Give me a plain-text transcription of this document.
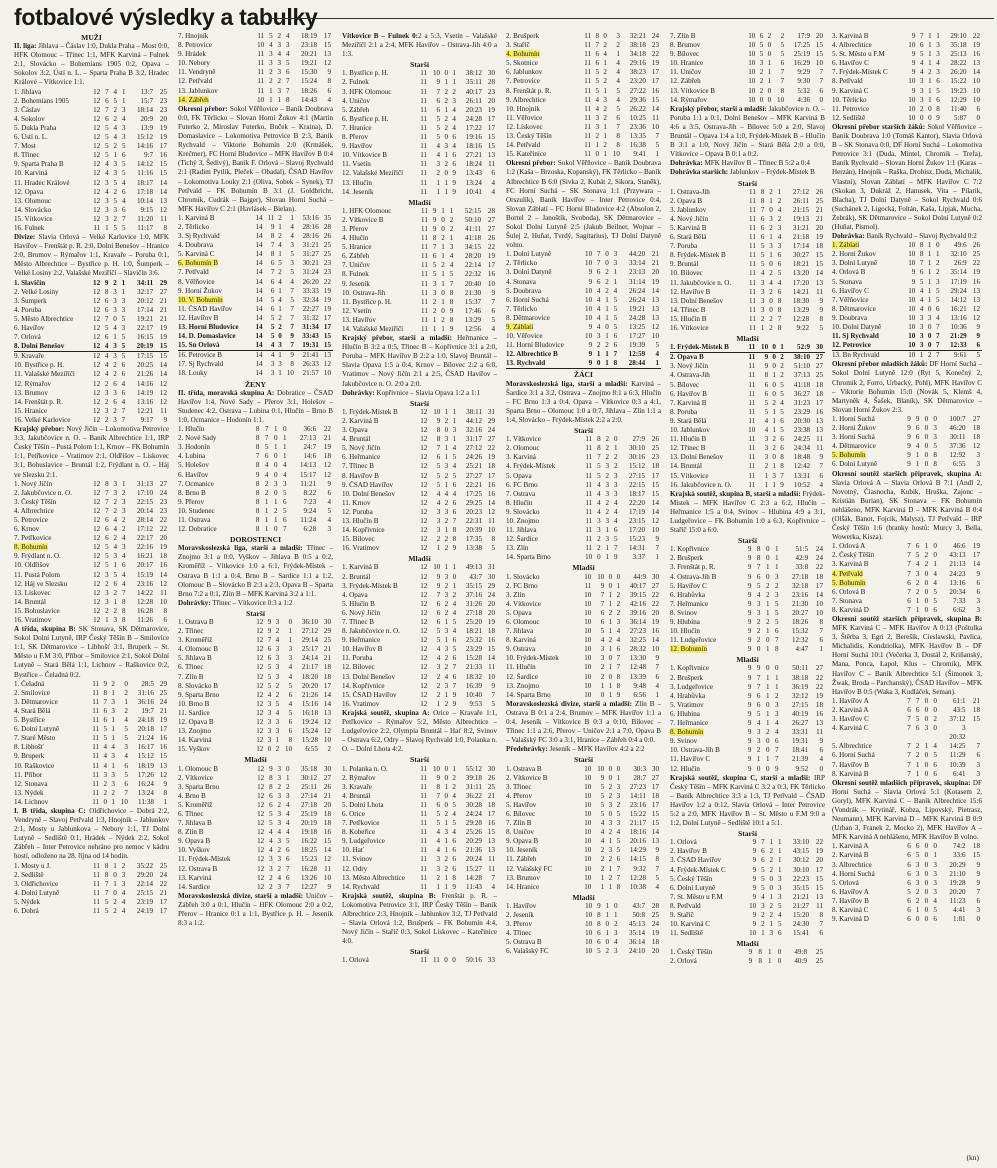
fotbalové výsledky a tabulky
MUŽI

II. liga: Jihlava – Čáslav 1:0, Dukla Praha – Most 0:0, HFK Olomouc – Třinec 1:1, MFK Karviná – Fulnek 2:1, Slovácko – Bohemians 1905 0:2, Opava – Sokolov 3:2, Ústí n. L. – Sparta Praha B 3:2, Hradec Králové – Vítkovice 1:1.

1. Jihlava	12	7	4	1	13:7	25
2. Bohemians 1905	12	6	5	1	15:7	23
3. Čáslav	12	7	2	3	18:14	23
4. Sokolov	12	6	2	4	20:9	20
5. Dukla Praha	12	5	4	3	13:9	19
6. Ústí n. L.	12	5	4	3	15:12	19
7. Most	12	5	2	5	14:16	17
8. Třinec	12	5	1	6	9:7	16
9. Sparta Praha B	12	4	3	5	14:12	15
10. Karviná	12	4	3	5	11:16	15
11. Hradec Králové	12	3	5	4	18:17	14
12. Opava	12	4	2	6	17:18	14
13. Olomouc	12	3	5	4	10:14	13
14. Slovácko	12	3	3	6	9:15	12
15. Vítkovice	12	3	2	7	11:20	11
16. Fulnek	11	1	5	5	11:17	8

Divize: Slavia Orlová – Velké Karlovice 1:0, MFK Havířov – Frenštát p. R. 2:0, Dolní Benešov – Hranice 2:0, Brumov – Rýmařov 1:1, Kravaře – Poruba 0:1, Město Albrechtice – Bystřice p. H. 1:0, Šumperk – Velké Losiny 2:2, Valašské Meziříčí – Slavičín 3:6.

1. Slavičín	12	9	2	1	34:11	29
2. Velké Losiny	12	8	3	1	32:17	27
3. Šumperk	12	6	3	3	20:12	21
4. Poruba	12	6	3	3	17:14	21
5. Město Albrechtice	12	7	0	5	19:21	21
6. Havířov	12	5	4	3	22:17	19
7. Orlová	12	6	1	5	16:15	19
8. Dolní Benešov	12	4	3	5	20:19	15
9. Kravaře	12	4	3	5	17:15	15
10. Bystřice p. H.	12	4	2	6	20:25	14
11. Valašské Meziříčí	12	4	2	6	21:26	14
12. Rýmařov	12	2	6	4	14:16	12
13. Brumov	12	3	3	6	14:19	12
14. Frenštát p. R.	12	2	6	4	13:16	12
15. Hranice	12	3	2	7	12:21	11
16. Velké Karlovice	12	2	3	7	9:17	9

Krajský přebor: Nový Jičín – Lokomotiva Petrovice 3:3, Jakubčovice n. O. – Baník Albrechtice 1:1, IRP Český Těšín – Pustá Polom 1:1, Krnov – FK Bohumín 1:1, Petřkovice – Vratimov 2:1, Oldřišov – Liskovec 3:1, Bohuslavice – Bruntál 1:2, Frýdlant n. O. – Háj ve Slezsku 2:1.

1. Nový Jičín	12	8	3	1	31:13	27
2. Jakubčovice n. O.	12	7	3	2	17:10	24
3. Český Těšín	12	7	2	3	22:15	23
4. Albrechtice	12	7	2	3	20:14	23
5. Petrovice	12	6	4	2	28:14	22
6. Krnov	12	6	4	2	17:12	22
7. Petřkovice	12	6	2	4	22:17	20
8. Bohumín	12	5	4	3	22:16	19
9. Frýdlant n. O.	12	5	3	4	16:21	18
10. Oldřišov	12	5	1	6	20:17	16
11. Pustá Polom	12	3	5	4	15:19	14
12. Háj ve Slezsku	12	2	6	4	23:16	12
13. Liskovec	12	3	2	7	14:22	11
14. Bruntál	12	3	1	8	12:28	10
15. Bohuslavice	12	2	2	8	16:28	8
16. Vratimov	12	1	3	8	11:26	6

A třída, skupina B: SK Stonava, SK Dětmarovice, Sokol Dolní Lutyně, IRP Český Těšín B – Smilovice 1:1, SK Dětmarovice – Libhošť 3:1, Bruperk – St. Město u F.M 3:0, Příbor – Smilovice 2:1, Sokol Dolní Lutyně – Stará Bělá 1:1, Lichnov – Raškovice 0:2, Bystřice – Čeladná 0:2.

1. Čeladná	11	9	2	0	28:5	29
2. Smilovice	11	8	1	2	31:16	25
3. Dětmarovice	11	7	3	1	36:16	24
4. Stará Bělá	11	6	3	2	19:7	21
5. Bystřice	11	6	1	4	24:18	19
6. Dolní Lutyně	11	5	1	5	20:18	17
7. Staré Město	11	5	1	5	21:24	16
8. Libhošť	11	4	4	3	16:17	16
9. Bruperk	11	4	3	4	15:12	15
10. Raškovice	11	4	1	6	18:19	13
11. Příbor	11	3	3	5	17:26	12
12. Stonava	11	2	3	6	16:24	9
13. Nýdek	11	2	2	7	13:24	8
14. Lichnov	11	0	1	10	11:38	1

I. B třída, skupina C: Oldřichovice – Dobrá 2:2, Vendryně – Slavoj Petřvald 1:3, Hnojník – Jablunkov 2:1, Mosty u Jablunkova – Nebory 1:1, TJ Dolní Lutyně – Sedliště 0:1, Hrádek – Nýdek 2:2, Sokol Zábřeh – Inter Petrovice nehráno pro nemoc v kádru hostí, odloženo na 28. října od 14 hodin.

1. Mosty u J.	11	8	1	2	35:22	25
2. Sedliště	11	8	0	3	29:20	24
3. Oldřichovice	11	7	1	3	22:14	22
4. Dolní Lutyně	11	7	0	4	25:15	21
5. Nýdek	11	5	2	4	23:19	17
6. Dobrá	11	5	2	4	24:19	17
7. Hnojník	11	5	2	4	18:19	17
8. Petrovice	10	4	3	3	23:18	15
9. Hrádek	11	3	4	4	20:21	13
10. Nebory	11	3	3	5	19:21	12
11. Vendryně	11	2	3	6	15:30	9
12. Petřvald	11	2	2	7	15:24	8
13. Jablunkov	11	1	3	7	18:26	6
14. Zábřeh	10	1	1	8	14:43	4

Okresní přebor: Sokol Věřňovice – Baník Doubrava 0:0, FK Těrlicko – Slovan Horní Žukov 4:1 (Martin Futerko 2, Miroslav Futerko, Buček – Kraina), D. Domaslavice – Lokomotiva Petrovice B 2:3, Baník Rychvald – Viktorie Bohumín 2:0 (Krmášek, Krečmer), FC Horní Bludovice – MFK Havířov B 0:4 (Tichý 3, Šedivý), Baník F. Orlová – Slavoj Rychvald 2:1 (Radim Pytlík, Pleček – Obadal), ČSAD Havířov – Lokomotiva Louky 2:1 (Oliva, Sobek – Synek), TJ Petřvald – FK Bohumín B 3:1 (J. Goldbricht, Chromik, Cudrák – Bajger), Slovan Horní Suchá – MFK Havířov C 2:1 (Havlásek – Bielan).

1. Karviná B	14	11	2	1	53:16	35
2. Těrlicko	14	9	1	4	28:16	28
3. Sj Rychvald	14	8	2	4	28:16	26
4. Doubrava	14	7	4	3	31:21	25
5. Karviná C	14	8	1	5	31:27	25
6. Bohumín B	14	6	5	3	30:21	23
7. Petřvald	14	7	2	5	31:24	23
8. Věřňovice	14	6	4	4	26:20	22
9. Horní Žukov	14	6	1	7	33:33	19
10. V. Bohumín	14	5	4	5	32:34	19
11. ČSAD Havířov	14	6	1	7	22:27	19
12. Havířov B	14	5	2	7	31:32	17
13. Horní Bludovice	14	5	2	7	31:34	17
14. D. Domaslavice	14	5	0	9	33:43	15
15. Sn Orlová	14	4	3	7	19:31	15
16. Petrovice B	14	4	1	9	21:41	13
17. Sj Rychvald	14	3	3	8	26:33	12
18. Louky	14	3	1	10	21:57	10
ŽENY

II. třída, moravská skupina A: Dobratice – ČSAD Havířov 1:4, Nové Sady – Přerov 3:1, Holešov – Studenec 4:2, Ostrava – Lubina 0:1, Hlučín – Brno B 1:0, Ocmanice – Hodonín 1:1.

1. Hlučín	8	7	1	0	36:6	22
2. Nové Sady	8	7	0	1	27:13	21
3. Hodonín	8	5	1	1	24:7	19
4. Lubina	7	6	0	1	14:6	18
5. Holešov	8	4	0	4	14:13	12
6. Havířov	9	4	0	4	15:17	12
7. Ocmanice	8	2	3	3	11:21	9
8. Brno B	8	2	0	5	8:22	6
9. Přerov	8	1	1	6	7:23	4
10. Studenec	8	1	2	5	9:24	5
11. Ostrava	8	1	1	6	11:24	4
12. Dobratice	8	1	0	7	6:28	3
DOROSTENCI

Moravskoslezská liga, starší a mladší: Třinec – Znojmo 3:1 a 0:0, Vyškov – Jihlava B 0:5 a 0:2, Kroměříž – Vítkovice 1:0 a 6:1, Frýdek-Místek – Ostrava B 1:1 a 0:4, Brno B – Sardice 1:1 a 1:2, Olomouc B – Slovácko B 2:3 a 2:3, Opava B – Sparta Brno 7:2 a 0:1, Zlín B – MFK Karviná 3:2 a 1:1.

Dohrávky: Třinec – Vítkovice 0:3 a 1:2

Starší
1. Ostrava B	12	9	3	0	36:10	30
2. Třinec	12	9	2	1	27:12	29
3. Kroměříž	12	7	4	1	29:14	25
4. Olomouc B	12	6	3	3	25:17	21
5. Jihlava B	12	6	3	3	24:14	21
6. Třinec	12	5	3	4	21:17	18
7. Zlín B	12	5	3	4	18:20	18
8. Slovácko B	12	5	2	5	20:20	17
9. Sparta Brno	12	4	2	6	21:26	14
10. Brno B	12	3	5	4	15:16	14
11. Sardice	12	3	4	5	16:18	13
12. Opava B	12	3	3	6	19:24	12
13. Znojmo	12	3	3	6	15:24	12
14. Karviná	12	3	1	8	15:28	10
15. Vyškov	12	0	2	10	6:55	2
Mladší
1. Olomouc B	12	9	3	0	35:18	30
2. Vítkovice	12	8	3	1	30:12	27
3. Sparta Brno	12	8	2	2	25:11	26
4. Brno B	12	6	3	3	27:14	21
5. Kroměříž	12	6	2	4	27:18	20
6. Třinec	12	5	3	4	25:19	18
7. Jihlava B	12	5	3	4	20:19	18
8. Zlín B	12	4	4	4	19:18	16
9. Opava B	12	4	3	5	16:22	15
10. Vyškov	12	4	2	6	18:25	14
11. Frýdek-Místek	12	3	3	6	15:23	12
12. Ostrava B	12	3	2	7	16:28	11
13. Karviná	12	2	4	6	13:26	10
14. Sardice	12	2	3	7	12:27	9

Moravskoslezská divize, starší a mladší: Uničov – Zábřeh 3:0 a 0:1, Hlučín – HFK Olomouc 2:0 a 0:2, Přerov – Hranice 0:1 a 1:1, Bystřice p. H. – Jeseník 8:3 a 1:2.

Vítkovice B – Fulnek 0:2 a 5:3, Vsetín – Valašské Meziříčí 2:1 a 2:4, MFK Havířov – Ostrava-Jih 4:0 a 1:3.

Starší
1. Bystřice p. H.	11	10	0	1	38:12	30
2. Fulnek	11	9	1	1	35:11	28
3. HFK Olomouc	11	7	2	2	40:17	23
4. Uničov	11	6	2	3	26:11	20
5. Zábřeh	11	6	1	4	20:23	19
6. Bystřice p. H.	11	5	2	4	24:28	17
7. Hranice	11	5	2	4	17:22	17
8. Přerov	11	5	0	6	19:16	15
9. Havířov	11	4	3	4	18:16	15
10. Vítkovice B	11	4	1	6	27:21	13
11. Vsetín	11	3	2	6	18:24	11
12. Valašské Meziříčí	11	2	0	9	13:43	6
13. Hlučín	11	1	1	9	13:24	4
14. Jeseník	11	1	1	9	10:41	4
Mladší
1. HFK Olomouc	11	9	1	1	52:15	28
2. Vítkovice B	11	9	0	2	50:10	27
3. Přerov	11	9	0	2	41:11	27
4. Hlučín	11	8	2	1	41:18	26
5. Hranice	11	7	1	3	34:15	22
6. Zábřeh	11	6	1	4	28:20	19
7. Uničov	11	5	2	4	22:14	17
8. Fulnek	11	5	1	5	22:32	16
9. Jeseník	11	3	1	7	20:40	10
10. Ostrava-Jih	11	3	0	8	21:30	9
11. Bystřice p. H.	11	2	1	8	15:37	7
12. Vsetín	11	2	0	9	17:46	6
13. Havířov	11	1	2	8	13:29	5
14. Valašské Meziříčí	11	1	1	9	12:56	4

Krajský přebor, starší a mladší: Heřmanice – Hlučín B 3:2 a 0:5, Třinec B – Kopřivnice 3:1 a 2:0, Poruba – MFK Havířov B 2:2 a 1:0, Slavoj Bruntál – Slavia Opava 1:5 a 0:4, Krnov – Bílovec 2:2 a 6:0, Vratimov – Nový Jičín 2:1 a 2:5, ČSAD Havířov – Jakubčovice n. O. 2:0 a 2:0.

Dohrávky: Kopřivnice – Slavia Opava 1:2 a 1:1

Starší
1. Frýdek-Místek B	12	10	1	1	38:11	31
2. Karviná B	12	9	2	1	44:12	29
3. Opava	12	8	0	3	32:16	24
4. Bruntál	12	8	3	1	31:17	27
5. Nový Jičín	12	7	1	4	27:12	22
6. Heřmanice	12	6	1	5	24:26	19
7. Třinec B	12	5	3	4	25:21	18
8. Havířov B	12	5	2	5	27:27	17
9. ČSAD Havířov	12	5	1	6	22:21	16
10. Dolní Benešov	12	4	4	4	17:25	16
11. Krnov	12	4	2	6	29:25	14
12. Poruba	12	3	3	6	20:23	12
13. Hlučín B	12	3	2	7	22:31	11
14. Kopřivnice	12	3	1	8	20:39	10
15. Bílovec	12	2	2	8	17:35	8
16. Vratimov	12	1	2	9	13:38	5
Mladší
1. Karviná B	12	10	1	1	49:13	31
2. Bruntál	12	9	3	0	43:7	30
3. Frýdek-Místek B	12	9	2	1	35:15	29
4. Opava	12	7	3	2	37:16	24
5. Hlučín B	12	6	2	4	31:26	20
6. Nový Jičín	12	6	2	4	27:18	20
7. Třinec B	12	6	1	5	25:20	19
8. Jakubčovice n. O.	12	5	3	4	18:21	18
9. Heřmanice	12	5	1	6	25:32	16
10. Havířov B	12	4	3	5	23:29	15
11. Poruba	12	4	2	6	15:28	14
12. Bílovec	12	3	2	7	21:33	11
13. Dolní Benešov	12	2	4	6	18:32	10
14. Kopřivnice	12	2	3	7	16:39	9
15. ČSAD Havířov	12	2	1	9	10:40	7
16. Vratimov	12	1	2	9	9:53	5

Krajská soutěž, skupina A: Orice – Kravaře 1:1, Petřkovice – Rýmařov 5:2, Město Albrechtice – Ludgeřovice 2:2, Olympia Bruntál – Hať 8:2, Svinov – Ostrava 6:2, Odry – Slavoj Rychvald 1:0, Polanka n. O. – Dolní Lhota 4:2.

Starší
1. Polanka n. O.	11	10	0	1	55:12	30
2. Rýmařov	11	9	0	2	39:18	26
3. Kravaře	11	8	1	2	31:11	25
4. Bruntál	11	7	0	4	36:22	21
5. Dolní Lhota	11	6	0	5	30:28	18
6. Orice	11	5	2	4	24:24	17
7. Petřkovice	11	5	1	5	29:28	16
8. Kobeřice	11	4	3	4	25:26	15
9. Ludgeřovice	11	4	1	6	20:29	13
10. Hať	11	4	1	6	21:36	13
11. Svinov	11	3	2	6	20:24	11
12. Odry	11	3	2	6	15:27	11
13. Město Albrechtice	11	2	1	8	14:28	7
14. Rychvald	11	1	1	9	11:43	4

Krajská soutěž, skupina B: Frenštát p. R. – Lokomotiva Petrovice 3:1, IRP Český Těšín – Baník Albrechtice 2:3, Hnojník – Jablunkov 3:2, TJ Petřvald – Slavia Orlová 1:2, Brušperk – FK Bohumín 4:4, Nový Jičín – Staříč 0:3, Sokol Lískovec – Kateřinice 4:0.

Starší
1. Orlová	11	11	0	0	50:16	33
2. Brušperk	11	8	0	3	32:21	24
3. Staříč	11	7	2	2	38:18	23
4. Bohumín	11	6	4	1	34:18	22
5. Skotnice	11	6	1	4	29:16	19
6. Jablunkov	11	5	2	4	38:23	17
7. Petrovice	11	5	2	4	23:20	17
8. Frenštát p. R.	11	5	1	5	27:22	16
9. Albrechtice	11	4	3	4	29:36	15
10. Hnojník	11	4	2	5	26:22	14
11. Věřovice	11	3	2	6	10:25	11
12. Lískovec	11	3	1	7	23:36	10
13. Český Těšín	11	2	1	8	13:35	7
14. Petřvald	11	1	2	8	16:38	5
15. Kateřinice	11	0	1	10	9:41	1

Okresní přebor: Sokol Věřňovice – Baník Doubrava 1:2 (Kaša – Brzoska, Kopanský), FK Těrlicko – Baník Albrechtice B 6:0 (Sivka 2, Kubát 2, Sikora, Staněk), FC Horní Suchá – SK Stonava 1:1 (Przywara – Orszulík), Baník Havířov – Inter Petrovice 0:4, Slovan Záblatí – FC Horní Bludovice 4:2 (Absolon 2, Bortel 2 – Janoštík, Svoboda), SK Dětmarovice – Sokol Dolní Lutyně 2:5 (Jakub Beilner, Wojnar – Šulej 2, Huňat, Tvrdý, Sagitarius), TJ Dolní Datyně volno.

1. Dolní Lutyně	10	7	0	3	44:20	21
2. Těrlicko	10	7	0	3	33:14	21
3. Dolní Datyně	9	6	2	1	23:13	20
4. Stonava	9	6	2	1	31:14	19
5. Doubrava	10	4	2	4	26:24	14
6. Horní Suchá	10	4	1	5	26:24	13
7. Těrlicko	10	4	1	5	19:21	13
8. Dětmarovice	10	4	1	5	24:28	13
9. Záblatí	9	4	0	5	13:25	12
10. Věřovice	10	3	1	6	17:27	10
11. Horní Bludovice	9	2	2	6	19:39	5
12. Albrechtice B	9	1	1	7	12:59	4
13. Rychvald	9	0	1	8	28:44	1
ŽÁCI

Moravskoslezská liga, starší a mladší: Karviná – Šardice 3:1 a 3:2, Ostrava – Znojmo 8:1 a 6:3, Hlučín – FC Brno 1:3 a 0:4, Opava – Vítkovice 0:3 a 4:1, Sparta Brno – Olomouc 1:0 a 0:7, Jihlava – Zlín 1:1 a 1:4, Slovácko – Frýdek-Místek 2:2 a 2:0.

Starší
1. Vítkovice	11	8	2	0	27:9	26
2. Olomouc	11	8	2	1	30:10	25
3. Karviná	11	7	2	2	30:16	23
4. Frýdek-Místek	11	5	3	2	15:12	18
5. Opava	11	5	2	3	27:15	17
6. FC Brno	11	4	3	3	22:15	15
7. Ostrava	11	4	3	3	18:17	15
8. Hlučín	11	4	2	4	22:20	14
9. Slovácko	11	4	2	4	17:19	14
10. Znojmo	11	3	3	4	23:15	12
11. Jihlava	11	3	1	6	17:20	10
12. Šardice	11	2	3	5	15:23	9
13. Zlín	11	2	1	7	14:31	7
14. Sparta Brno	10	0	1	9	3:37	1
Mladší
1. Slovácko	10	10	0	0	44:9	30
2. FC Brno	11	9	0	1	40:17	27
3. Zlín	10	7	1	2	39:15	22
4. Vítkovice	10	7	1	2	42:16	22
5. Opava	10	6	2	2	39:16	20
6. Olomouc	10	6	1	3	36:14	19
7. Jihlava	10	5	1	4	27:23	16
8. Karviná	10	4	2	4	32:25	14
9. Ostrava	10	3	1	6	28:32	10
10. Frýdek-Místek	10	3	0	7	13:30	9
11. Hlučín	10	2	1	7	12:48	7
12. Šardice	10	2	0	8	13:39	6
13. Znojmo	10	1	1	8	9:48	4
14. Sparta Brno	10	0	1	9	6:56	1

Moravskoslezská divize, starší a mladší: Zlín B – Ostrava B 0:1 a 2:4, Brumov – MFK Havířov 1:1 a 0:4, Jeseník – Vítkovice B 0:3 a 0:10, Bílovec – Třinec 1:1 a 2:6, Přerov – Uničov 2:1 a 7:0, Opava B – Valašský FC 3:0 a 3:1, Hranice – Zábřeh 0:4 a 0:0.

Předehrávky: Jeseník – MFK Havířov 4:2 a 2:2

Starší
1. Ostrava B	10	10	0	0	30:3	30
2. Vítkovice B	10	9	0	1	28:7	27
3. Třinec	10	5	2	3	27:23	17
4. Přerov	10	5	2	3	14:11	18
5. Havířov	10	5	3	2	23:16	17
6. Bílovec	10	5	0	5	15:22	15
7. Zlín B	10	4	3	3	21:17	15
8. Uničov	10	4	2	4	18:16	14
9. Opava B	10	4	1	5	20:16	13
10. Jeseník	10	2	3	5	14:29	9
11. Zábřeh	10	2	2	6	14:15	8
12. Valašský FC	10	2	1	7	9:32	7
13. Brumov	10	1	2	7	12:28	5
14. Hranice	10	1	1	8	10:38	4
Mladší
1. Havířov	10	9	1	0	43:7	28
2. Jeseník	10	8	1	1	50:8	25
3. Přerov	10	8	0	2	45:13	24
4. Třinec	10	6	1	3	35:14	19
5. Ostrava B	10	6	0	4	36:14	18
6. Valašský FC	10	5	2	3	24:10	20
7. Zlín B	10	6	2	2	17:9	20
8. Brumov	10	5	0	5	17:25	15
9. Bílovec	10	5	0	5	25:19	15
10. Hranice	10	3	1	6	16:29	10
11. Uničov	10	2	1	7	9:29	7
12. Zábřeh	10	2	1	7	9:30	7
13. Vítkovice B	10	2	0	8	5:32	6
14. Rýmařov	10	0	0	10	4:36	0

Krajský přebor, starší a mladší: Jakubčovice n. O. – Poruba 1:1 a 0:1, Dolní Benešov – MFK Karviná B 4:6 a 3:5, Ostrava-Jih – Bílovec 5:0 a 2:0, Slavoj Bruntál – Opava 1:4 a 1:0, Frýdek-Místek B – Hlučín B 3:1 a 1:0, Nový Jičín – Stará Bělá 2:0 a 0:0, Vítkovice – Opava B 0:1 a 0:2.

Dohrávka: MFK Havířov B – Třinec B 5:2 a 0:4

Dohrávka starších: Jablunkov – Frýdek-Místek B

Starší
1. Ostrava-Jih	11	8	2	1	27:12	26
2. Opava B	11	8	1	2	26:11	25
3. Jablunkov	11	7	0	4	21:15	21
4. Nový Jičín	11	6	3	2	19:13	21
5. Karviná B	11	6	2	3	31:21	20
6. Stará Bělá	11	6	1	4	21:18	19
7. Poruba	11	5	3	3	17:14	18
8. Frýdek-Místek B	11	5	1	6	30:27	15
9. Bruntál	11	5	0	6	18:21	15
10. Bílovec	11	4	2	5	13:20	14
11. Jakubčovice n. O.	11	3	4	4	17:20	13
12. Havířov B	11	3	2	6	14:21	11
13. Dolní Benešov	11	3	0	8	18:30	9
14. Třinec B	11	3	0	8	13:29	9
15. Hlučín B	11	2	2	7	12:28	8
16. Vítkovice	11	1	2	8	9:22	5
Mladší
1. Frýdek-Místek B	11	10	0	1	52:9	30
2. Opava B	11	9	0	2	38:10	27
3. Nový Jičín	11	9	0	2	51:10	27
4. Ostrava-Jih	11	8	1	2	37:13	25
5. Bílovec	11	6	0	5	41:18	18
6. Havířov B	11	6	0	5	36:27	18
7. Karviná B	11	5	2	4	31:23	17
8. Poruba	11	5	1	5	23:29	16
9. Stará Bělá	11	4	1	6	20:30	13
10. Jablunkov	10	4	1	5	23:38	13
11. Hlučín B	11	3	2	6	24:25	11
12. Třinec B	11	3	2	6	24:34	11
13. Dolní Benešov	11	3	0	8	18:48	9
14. Bruntál	11	2	1	8	12:42	7
15. Vítkovice	11	1	3	7	13:31	6
16. Jakubčovice n. O.	11	1	1	9	10:52	4

Krajská soutěž, skupina B, starší a mladší: Frýdek-Místek – MFK Havířov C 2:3 a 6:2, Hlučín – Heřmanice 1:5 a 0:4, Svinov – Hlubina 4:9 a 3:1, Ludgeřovice – FK Bohumín 1:0 a 6:3, Kopřivnice – Staříč 15:0 a 6:0.

Starší
1. Kopřivnice	9	8	0	1	51:5	24
2. Brušperk	9	8	0	1	42:9	24
3. Frenštát p. R.	9	7	1	1	33:8	22
4. Ostrava-Jih B	9	6	0	3	27:18	18
5. Havířov C	9	5	2	2	32:18	17
6. Hrabůvka	9	4	2	3	23:16	14
7. Heřmanice	9	3	1	5	21:30	10
8. Svinov	9	3	1	5	20:27	10
9. Hlubina	9	2	2	5	18:26	8
10. Hlučín	9	2	1	6	15:32	7
11. Ludgeřovice	9	2	0	7	12:32	6
12. Bohumín	9	0	1	8	4:47	1
Mladší
1. Kopřivnice	9	9	0	0	50:11	27
2. Brušperk	9	7	1	1	38:18	22
3. Ludgeřovice	9	7	1	1	36:19	22
4. Hrabůvka	9	6	1	2	32:12	19
5. Vratimov	9	6	0	3	27:15	18
6. Hlubina	9	5	1	3	40:19	16
7. Heřmanice	9	4	1	4	26:27	13
8. Bohumín	9	3	2	4	33:31	11
9. Svinov	9	3	0	6	19:31	9
10. Ostrava-Jih B	9	2	0	7	18:41	6
11. Havířov C	9	1	1	7	21:39	4
12. Hlučín	9	0	0	9	9:52	0

Krajská soutěž, skupina C, starší a mladší: IRP Český Těšín – MFK Karviná C 3:2 a 0:3, FK Těrlicko – Baník Albrechtice 3:3 a 1:3, TJ Petřvald – ČSAD Havířov 1:2 a 0:12, Slavia Orlová – Inter Petrovice 5:2 a 2:0, MFK Havířov B – St. Město u F.M 9:0 a 1:2, Dolní Lutyně – Sedliště 10:1 a 5:1.

Starší
1. Orlová	9	7	1	1	33:10	22
2. Havířov B	9	6	2	1	43:15	19
3. ČSAD Havířov	9	6	2	1	30:12	20
4. Frýdek-Místek C	9	5	2	1	30:10	17
5. Český Těšín	9	5	0	3	22:23	15
6. Dolní Lutyně	9	5	0	3	35:15	15
7. St. Město u F.M	9	4	1	3	21:21	13
8. Petřvald	10	3	2	5	21:27	11
9. Staříč	9	2	2	4	15:20	8
10. Karviná C	9	2	1	5	24:30	7
11. Sedliště	10	1	3	6	15:41	6
Mladší
1. Český Těšín	9	8	1	0	49:8	25
2. Orlová	9	8	1	0	40:9	25
3. Karviná B	9	7	1	1	29:10	22
4. Albrechtice	10	6	1	3	35:18	19
5. St. Město u F.M	9	5	1	3	25:13	16
6. Havířov C	9	4	1	4	28:22	13
7. Frýdek-Místek C	9	4	2	3	26:20	14
8. Petřvald	10	3	1	6	15:22	10
9. Karviná C	9	3	1	5	19:23	10
10. Těrlicko	10	3	1	6	12:29	10
11. Petrovice	10	2	0	8	11:40	6
12. Sedliště	10	0	0	9	5:87	0

Okresní přebor starších žáků: Sokol Věřňovice – Baník Doubrava 1:0 (Tomáš Kantor), Slavia Orlová B – SK Stonava 0:0, DF Horní Suchá – Lokomotiva Petrovice 3:1 (Duda, Mintel, Chromik – Trefa), Baník Rychvald – Slovan Horní Žukov 1:1 (Karas – Herzán), Hnojník – Raška, Drobisz, Duda, Michalik, Vlastní), Slovan Záblatí – MFK Havířov C 7:2 (Skokan 3, Dukráž 2, Hanusek, Vita – Pilarik, Blacha), TJ Dolní Datyně – Sokol Rychvald 0:6 (Suchánek 2, Ligocká, Foltán, Kaša, Lipjak, Mucha, Żebrák), SK Dětmarovice – Sokol Dolní Lutyně 0:2 (Huňat, Pismol).

Dohrávka: Baník Rychvald – Slavoj Rychvald 0:2

1. Záblatí	10	8	1	0	49:6	26
2. Horní Žukov	10	8	1	1	32:10	25
3. Dolní Lutyně	10	7	1	2	26:9	22
4. Orlová B	9	6	1	2	35:14	19
5. Stonava	9	5	1	3	17:19	16
6. Havířov C	10	4	1	5	29:24	13
7. Věřňovice	10	4	1	5	14:12	13
8. Dětmarovice	10	4	0	6	16:21	12
9. Doubrava	10	3	3	4	13:16	12
10. Dolní Datyně	10	3	0	7	10:36	9
11. Sj Rychvald	10	3	0	7	21:29	9
12. Petrovice	10	3	0	7	12:33	6
13. Bn Rychvald	10	1	2	7	9:61	5

Okresní přebor mladších žáků: DF Horní Suchá – Sokol Dolní Lutyně 12:0 (Ryt 5, Konečný 2, Chromik 2, Forro, Urbacký, Pohl), MFK Havířov C – Viktorie Bohumín 15:0 (Novák 5, Klemš 4, Martyněk 4, Šašek, Blaník), SK Dětmarovice – Slovan Horní Žukov 2:3.

1. Horní Suchá	9	9	0	0	100:7	27
2. Horní Žukov	9	6	0	3	46:20	18
3. Horní Suchá	9	6	0	3	30:11	18
4. Dětmarovice	9	4	0	5	37:36	12
5. Bohumín	9	1	0	8	12:92	3
6. Dolní Lutyně	9	1	0	8	6:55	3

Okresní soutěž starších přípravek, skupina A: Slavia Orlová A – Slavia Orlová B 7:1 (Andl 2, Novotný, Čiasnocha, Kubik, Hruška, Zajonc – Kristián Burian), SK Stonava – FK Bohumín nehlášeno, MFK Karviná D – MFK Karviná B 0:4 (Olšák, Banot, Fojcik, Malysz), TJ Petřvald – IRP Český Těšín 1:6 (branky hostů: Murcy 3, Bella, Wowerka, Kisza).

1. Orlová A	7	6	1	0	46:6	19
2. Český Těšín	7	5	2	0	43:13	17
3. Karviná B	7	4	2	1	21:13	14
4. Petřvald	7	3	0	4	24:23	9
5. Bohumín	6	2	0	4	13:16	6
6. Orlová B	7	2	0	5	20:34	6
7. Stonava	6	1	0	5	7:33	3
8. Karviná D	7	1	0	6	6:62	3

Okresní soutěž starších přípravek, skupina B: MFK Karviná C – MFK Havířov A 0:13 (Poštulka 3, Štěrba 3, Egri 2, Berešík, Cieslawski, Pavlica, Michalidis, Kondziolka), MFK Havířov B – DF Horní Suchá 10:1 (Večerka 3, Dostál 2, Kriňanský, Mana, Ponca, Łapoł, Klus – Chromik), MFK Havířov C – Baník Albrechtice 5:1 (Šimonek 3, Žwak, Broda – Parchanský), ČSAD Havířov – MFK Havířov B 0:5 (Waka 3, Kudláček, Seman).

1. Havířov A	7	7	0	0	61:1	21
2. Karviná A	6	6	0	0	43:5	18
3. Havířov C	7	5	0	2	37:12	15
4. Karviná C	7	6	3	0	3	
					20:32	
5. Albrechtice	7	2	1	4	14:25	7
6. Horní Suchá	7	2	0	5	11:29	6
7. Havířov B	7	1	0	6	10:39	3
8. Karviná B	7	1	0	6	6:41	3

Okresní soutěž mladších přípravek, skupina: DF Horní Suchá – Slavia Orlová 5:1 (Kotasem 2, Goryl), MFK Karviná C – Baník Albrechtice 15:6 (Vondrák – Krytinář, Kobza, Lipovský, Pietrasz, Neumann), MFK Karviná D – MFK Karviná B 0:9 (Urban 3, Franek 2, Mocko 2), MFK Havířov A – MFK Karviná A nehlášeno, MFK Havířov B volno.

1. Karviná A	6	6	0	0	74:2	18
2. Karviná B	6	5	0	1	33:6	15
3. Albrechtice	6	3	0	3	20:29	9
4. Horní Suchá	6	3	0	3	21:10	9
5. Orlová	6	3	0	3	19:28	9
6. Havířov A	5	2	0	3	20:20	7
7. Havířov B	6	2	0	4	11:23	6
8. Karviná C	6	1	0	5	4:41	3
9. Karviná D	6	0	0	6	1:81	0
(kn)
